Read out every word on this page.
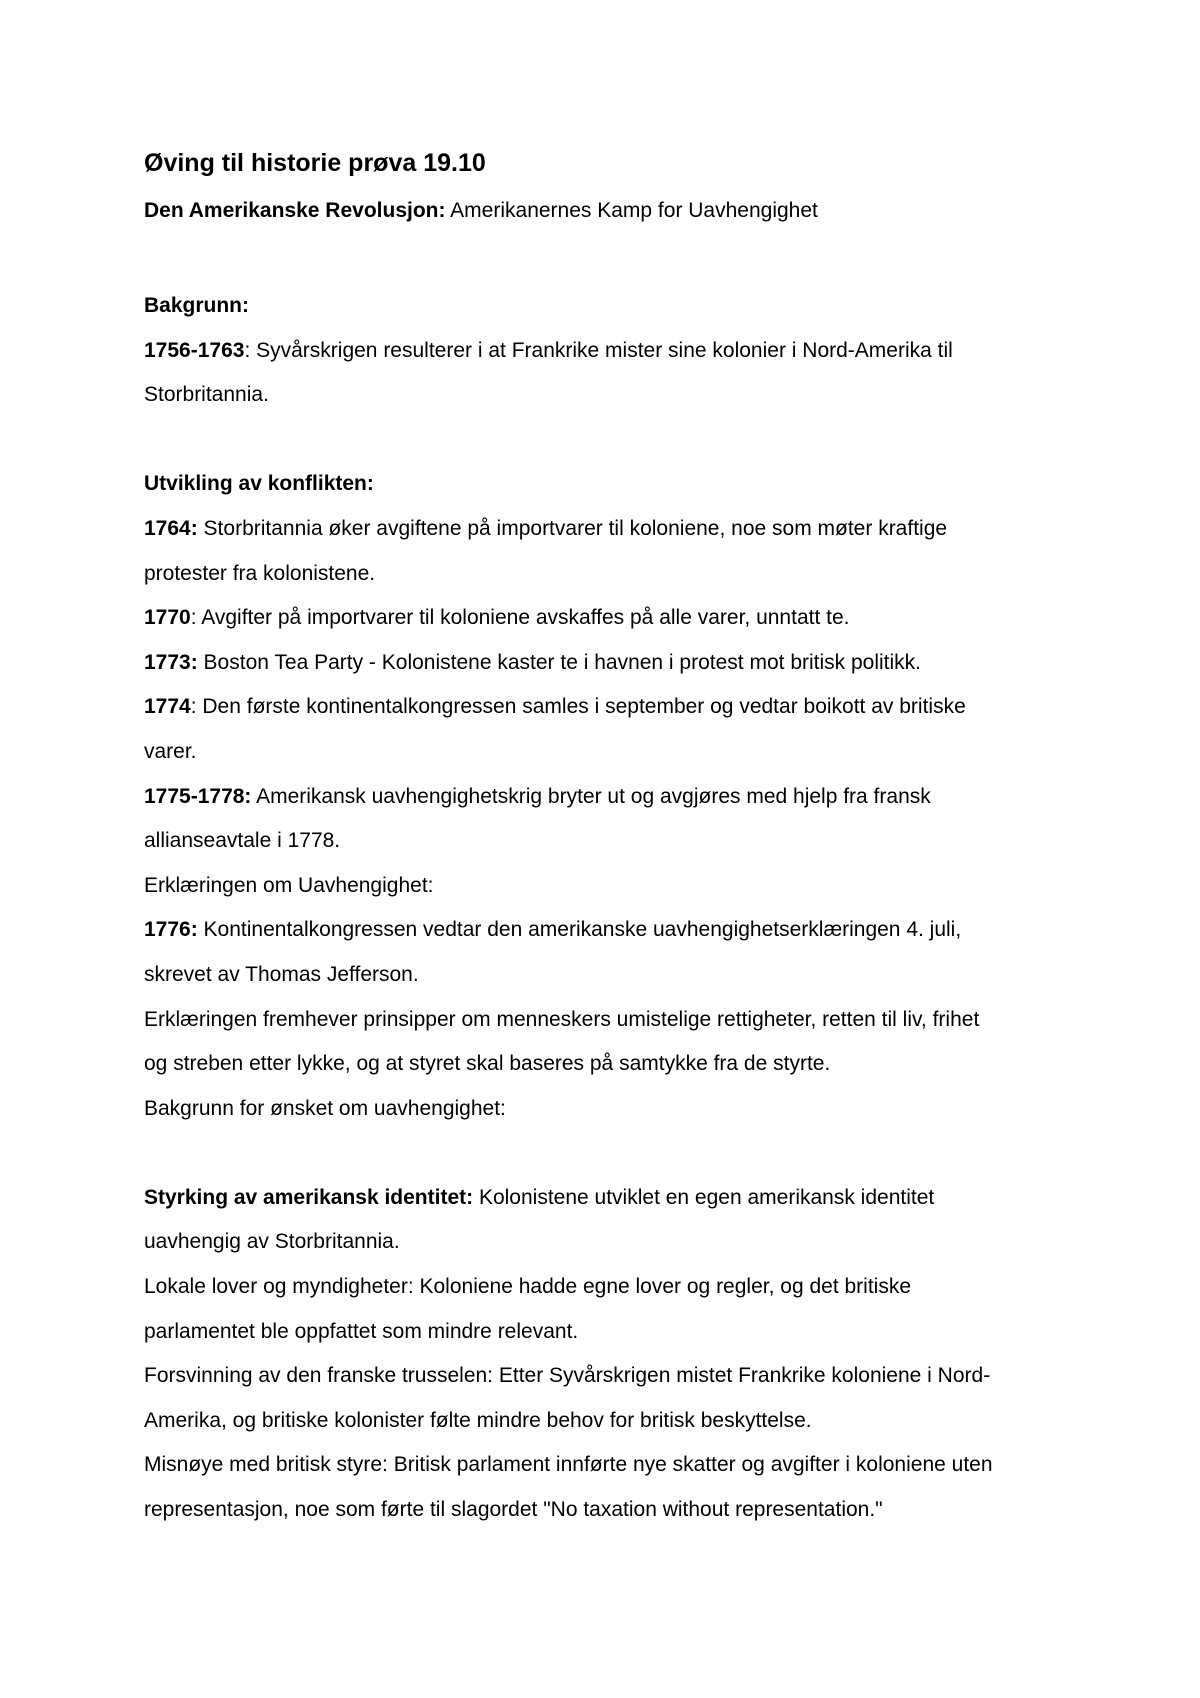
Øving til historie prøva 19.10
Den Amerikanske Revolusjon: Amerikanernes Kamp for Uavhengighet
Bakgrunn:
1756-1763: Syvårskrigen resulterer i at Frankrike mister sine kolonier i Nord-Amerika til
Storbritannia.
Utvikling av konflikten:
1764: Storbritannia øker avgiftene på importvarer til koloniene, noe som møter kraftige
protester fra kolonistene.
1770: Avgifter på importvarer til koloniene avskaffes på alle varer, unntatt te.
1773: Boston Tea Party - Kolonistene kaster te i havnen i protest mot britisk politikk.
1774: Den første kontinentalkongressen samles i september og vedtar boikott av britiske
varer.
1775-1778: Amerikansk uavhengighetskrig bryter ut og avgjøres med hjelp fra fransk
allianseavtale i 1778.
Erklæringen om Uavhengighet:
1776: Kontinentalkongressen vedtar den amerikanske uavhengighetserklæringen 4. juli,
skrevet av Thomas Jefferson.
Erklæringen fremhever prinsipper om menneskers umistelige rettigheter, retten til liv, frihet
og streben etter lykke, og at styret skal baseres på samtykke fra de styrte.
Bakgrunn for ønsket om uavhengighet:
Styrking av amerikansk identitet: Kolonistene utviklet en egen amerikansk identitet
uavhengig av Storbritannia.
Lokale lover og myndigheter: Koloniene hadde egne lover og regler, og det britiske
parlamentet ble oppfattet som mindre relevant.
Forsvinning av den franske trusselen: Etter Syvårskrigen mistet Frankrike koloniene i Nord-
Amerika, og britiske kolonister følte mindre behov for britisk beskyttelse.
Misnøye med britisk styre: Britisk parlament innførte nye skatter og avgifter i koloniene uten
representasjon, noe som førte til slagordet "No taxation without representation."
